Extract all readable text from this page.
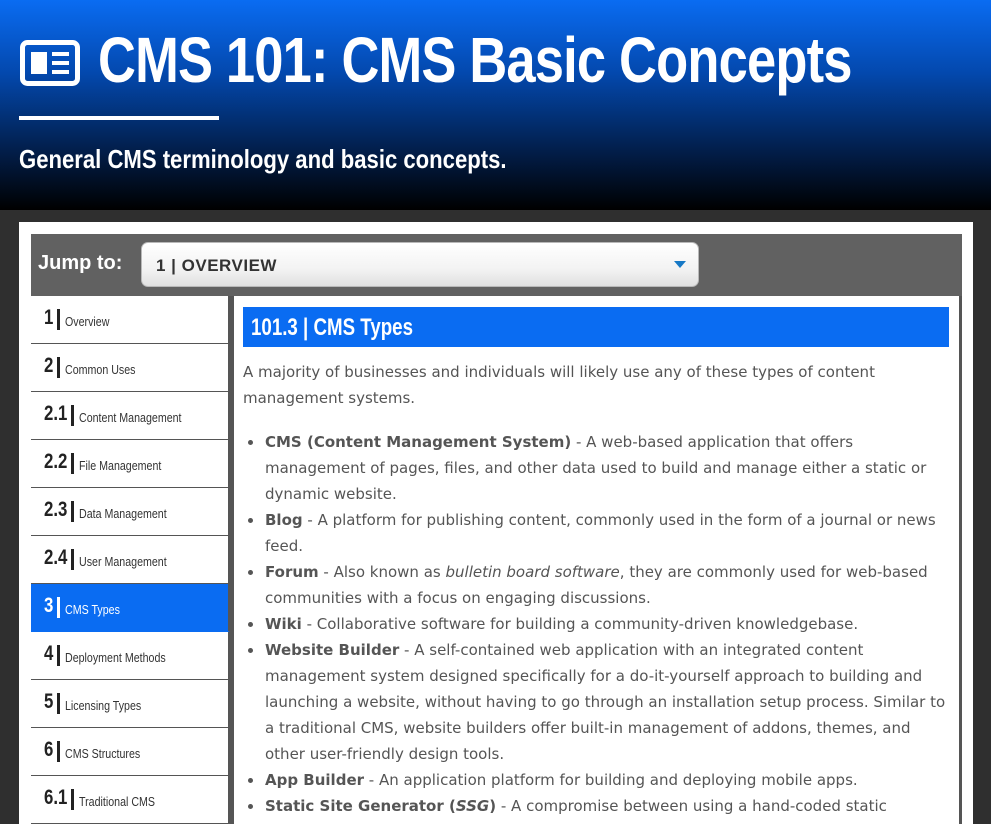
CMS 101: CMS Basic Concepts
General CMS terminology and basic concepts.
Jump to: 1 | OVERVIEW
1 Overview
2 Common Uses
2.1 Content Management
2.2 File Management
2.3 Data Management
2.4 User Management
3 CMS Types
4 Deployment Methods
5 Licensing Types
6 CMS Structures
6.1 Traditional CMS
101.3 | CMS Types

A majority of businesses and individuals will likely use any of these types of content management systems.

CMS (Content Management System) - A web-based application that offers management of pages, files, and other data used to build and manage either a static or dynamic website.
Blog - A platform for publishing content, commonly used in the form of a journal or news feed.
Forum - Also known as bulletin board software, they are commonly used for web-based communities with a focus on engaging discussions.
Wiki - Collaborative software for building a community-driven knowledgebase.
Website Builder - A self-contained web application with an integrated content management system designed specifically for a do-it-yourself approach to building and launching a website, without having to go through an installation setup process. Similar to a traditional CMS, website builders offer built-in management of addons, themes, and other user-friendly design tools.
App Builder - An application platform for building and deploying mobile apps.
Static Site Generator (SSG) - A compromise between using a hand-coded static
